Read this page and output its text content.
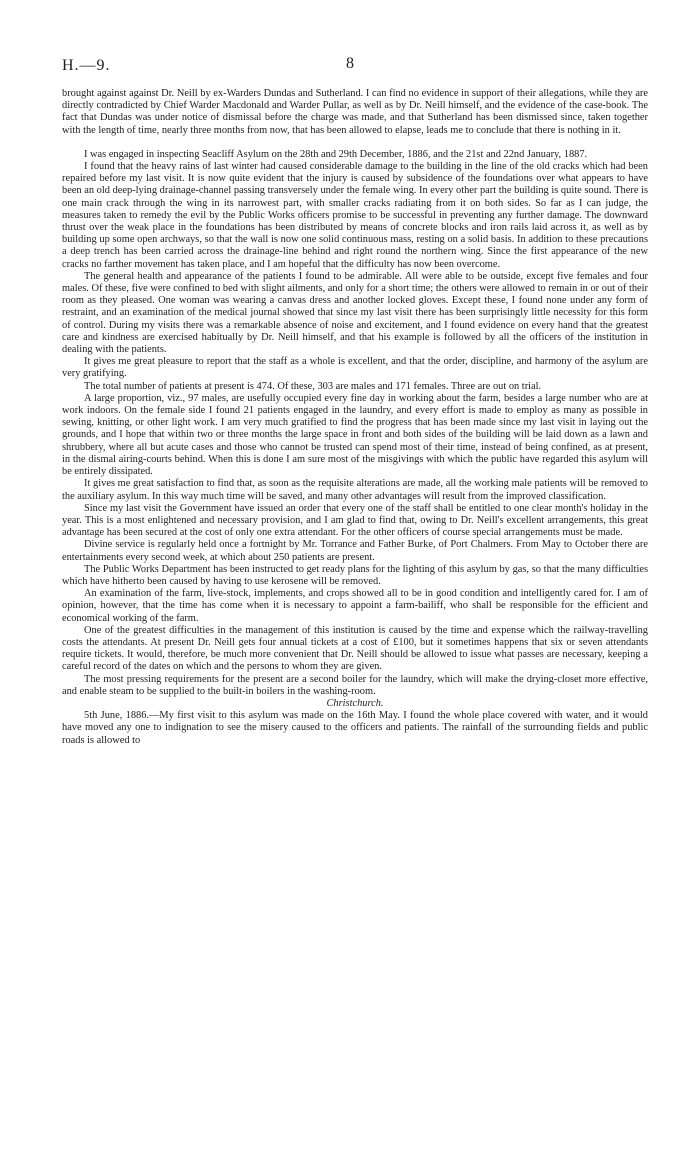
H.—9.	8

brought against against Dr. Neill by ex-Warders Dundas and Sutherland. I can find no evidence in support of their allegations, while they are directly contradicted by Chief Warder Macdonald and Warder Pullar, as well as by Dr. Neill himself, and the evidence of the case-book. The fact that Dundas was under notice of dismissal before the charge was made, and that Sutherland has been dismissed since, taken together with the length of time, nearly three months from now, that has been allowed to elapse, leads me to conclude that there is nothing in it.

I was engaged in inspecting Seacliff Asylum on the 28th and 29th December, 1886, and the 21st and 22nd January, 1887.

I found that the heavy rains of last winter had caused considerable damage to the building in the line of the old cracks which had been repaired before my last visit. It is now quite evident that the injury is caused by subsidence of the foundations over what appears to have been an old deep-lying drainage-channel passing transversely under the female wing. In every other part the building is quite sound. There is one main crack through the wing in its narrowest part, with smaller cracks radiating from it on both sides. So far as I can judge, the measures taken to remedy the evil by the Public Works officers promise to be successful in preventing any further damage. The downward thrust over the weak place in the foundations has been distributed by means of concrete blocks and iron rails laid across it, as well as by building up some open archways, so that the wall is now one solid continuous mass, resting on a solid basis. In addition to these precautions a deep trench has been carried across the drainage-line behind and right round the northern wing. Since the first appearance of the new cracks no farther movement has taken place, and I am hopeful that the difficulty has now been overcome.

The general health and appearance of the patients I found to be admirable. All were able to be outside, except five females and four males. Of these, five were confined to bed with slight ailments, and only for a short time; the others were allowed to remain in or out of their room as they pleased. One woman was wearing a canvas dress and another locked gloves. Except these, I found none under any form of restraint, and an examination of the medical journal showed that since my last visit there has been surprisingly little necessity for this form of control. During my visits there was a remarkable absence of noise and excitement, and I found evidence on every hand that the greatest care and kindness are exercised habitually by Dr. Neill himself, and that his example is followed by all the officers of the institution in dealing with the patients.

It gives me great pleasure to report that the staff as a whole is excellent, and that the order, discipline, and harmony of the asylum are very gratifying.

The total number of patients at present is 474. Of these, 303 are males and 171 females. Three are out on trial.

A large proportion, viz., 97 males, are usefully occupied every fine day in working about the farm, besides a large number who are at work indoors. On the female side I found 21 patients engaged in the laundry, and every effort is made to employ as many as possible in sewing, knitting, or other light work. I am very much gratified to find the progress that has been made since my last visit in laying out the grounds, and I hope that within two or three months the large space in front and both sides of the building will be laid down as a lawn and shrubbery, where all but acute cases and those who cannot be trusted can spend most of their time, instead of being confined, as at present, in the dismal airing-courts behind. When this is done I am sure most of the misgivings with which the public have regarded this asylum will be entirely dissipated.

It gives me great satisfaction to find that, as soon as the requisite alterations are made, all the working male patients will be removed to the auxiliary asylum. In this way much time will be saved, and many other advantages will result from the improved classification.

Since my last visit the Government have issued an order that every one of the staff shall be entitled to one clear month's holiday in the year. This is a most enlightened and necessary provision, and I am glad to find that, owing to Dr. Neill's excellent arrangements, this great advantage has been secured at the cost of only one extra attendant. For the other officers of course special arrangements must be made.

Divine service is regularly held once a fortnight by Mr. Torrance and Father Burke, of Port Chalmers. From May to October there are entertainments every second week, at which about 250 patients are present.

The Public Works Department has been instructed to get ready plans for the lighting of this asylum by gas, so that the many difficulties which have hitherto been caused by having to use kerosene will be removed.

An examination of the farm, live-stock, implements, and crops showed all to be in good condition and intelligently cared for. I am of opinion, however, that the time has come when it is necessary to appoint a farm-bailiff, who shall be responsible for the efficient and economical working of the farm.

One of the greatest difficulties in the management of this institution is caused by the time and expense which the railway-travelling costs the attendants. At present Dr. Neill gets four annual tickets at a cost of £100, but it sometimes happens that six or seven attendants require tickets. It would, therefore, be much more convenient that Dr. Neill should be allowed to issue what passes are necessary, keeping a careful record of the dates on which and the persons to whom they are given.

The most pressing requirements for the present are a second boiler for the laundry, which will make the drying-closet more effective, and enable steam to be supplied to the built-in boilers in the washing-room.

Christchurch.

5th June, 1886.—My first visit to this asylum was made on the 16th May. I found the whole place covered with water, and it would have moved any one to indignation to see the misery caused to the officers and patients. The rainfall of the surrounding fields and public roads is allowed to
